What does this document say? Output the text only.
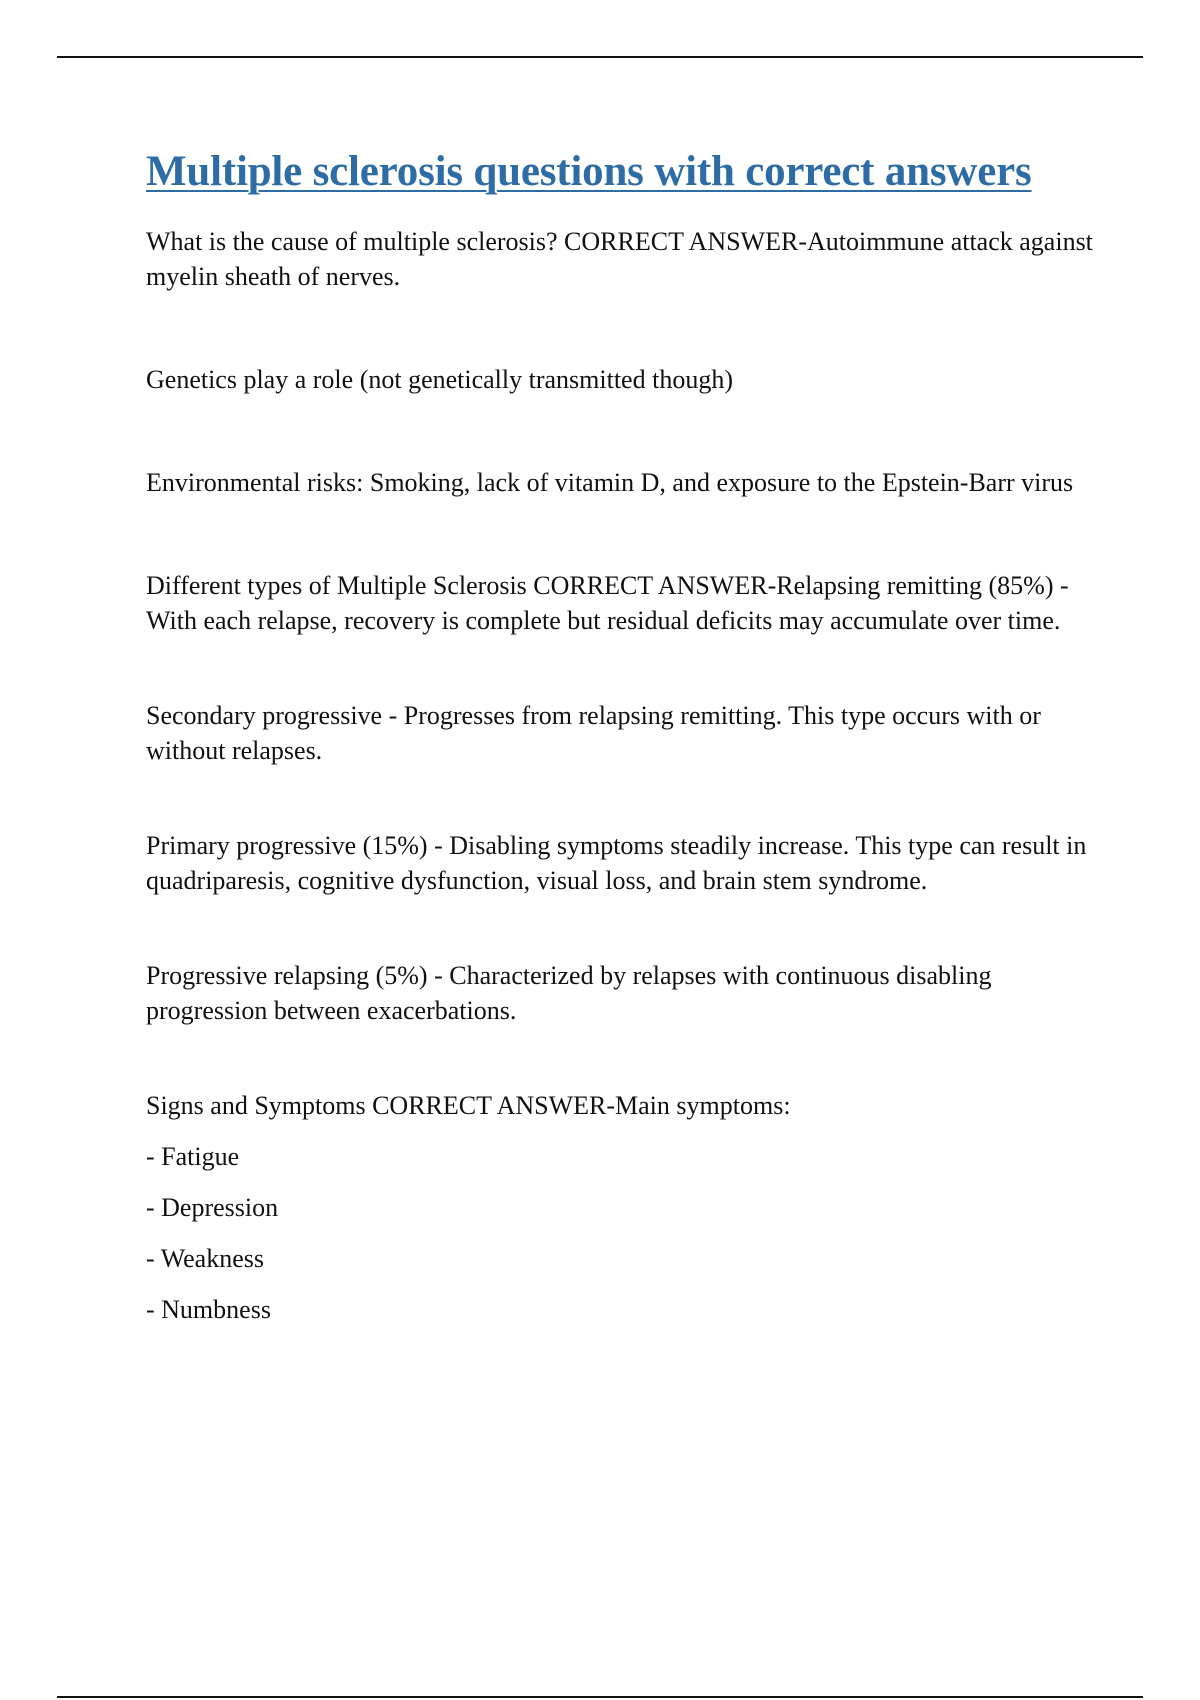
Multiple sclerosis questions with correct answers

What is the cause of multiple sclerosis? CORRECT ANSWER-Autoimmune attack against myelin sheath of nerves.

Genetics play a role (not genetically transmitted though)

Environmental risks: Smoking, lack of vitamin D, and exposure to the Epstein-Barr virus

Different types of Multiple Sclerosis CORRECT ANSWER-Relapsing remitting (85%) - With each relapse, recovery is complete but residual deficits may accumulate over time.

Secondary progressive - Progresses from relapsing remitting. This type occurs with or without relapses.

Primary progressive (15%) - Disabling symptoms steadily increase. This type can result in quadriparesis, cognitive dysfunction, visual loss, and brain stem syndrome.

Progressive relapsing (5%) - Characterized by relapses with continuous disabling progression between exacerbations.

Signs and Symptoms CORRECT ANSWER-Main symptoms:

- Fatigue

- Depression

- Weakness

- Numbness
